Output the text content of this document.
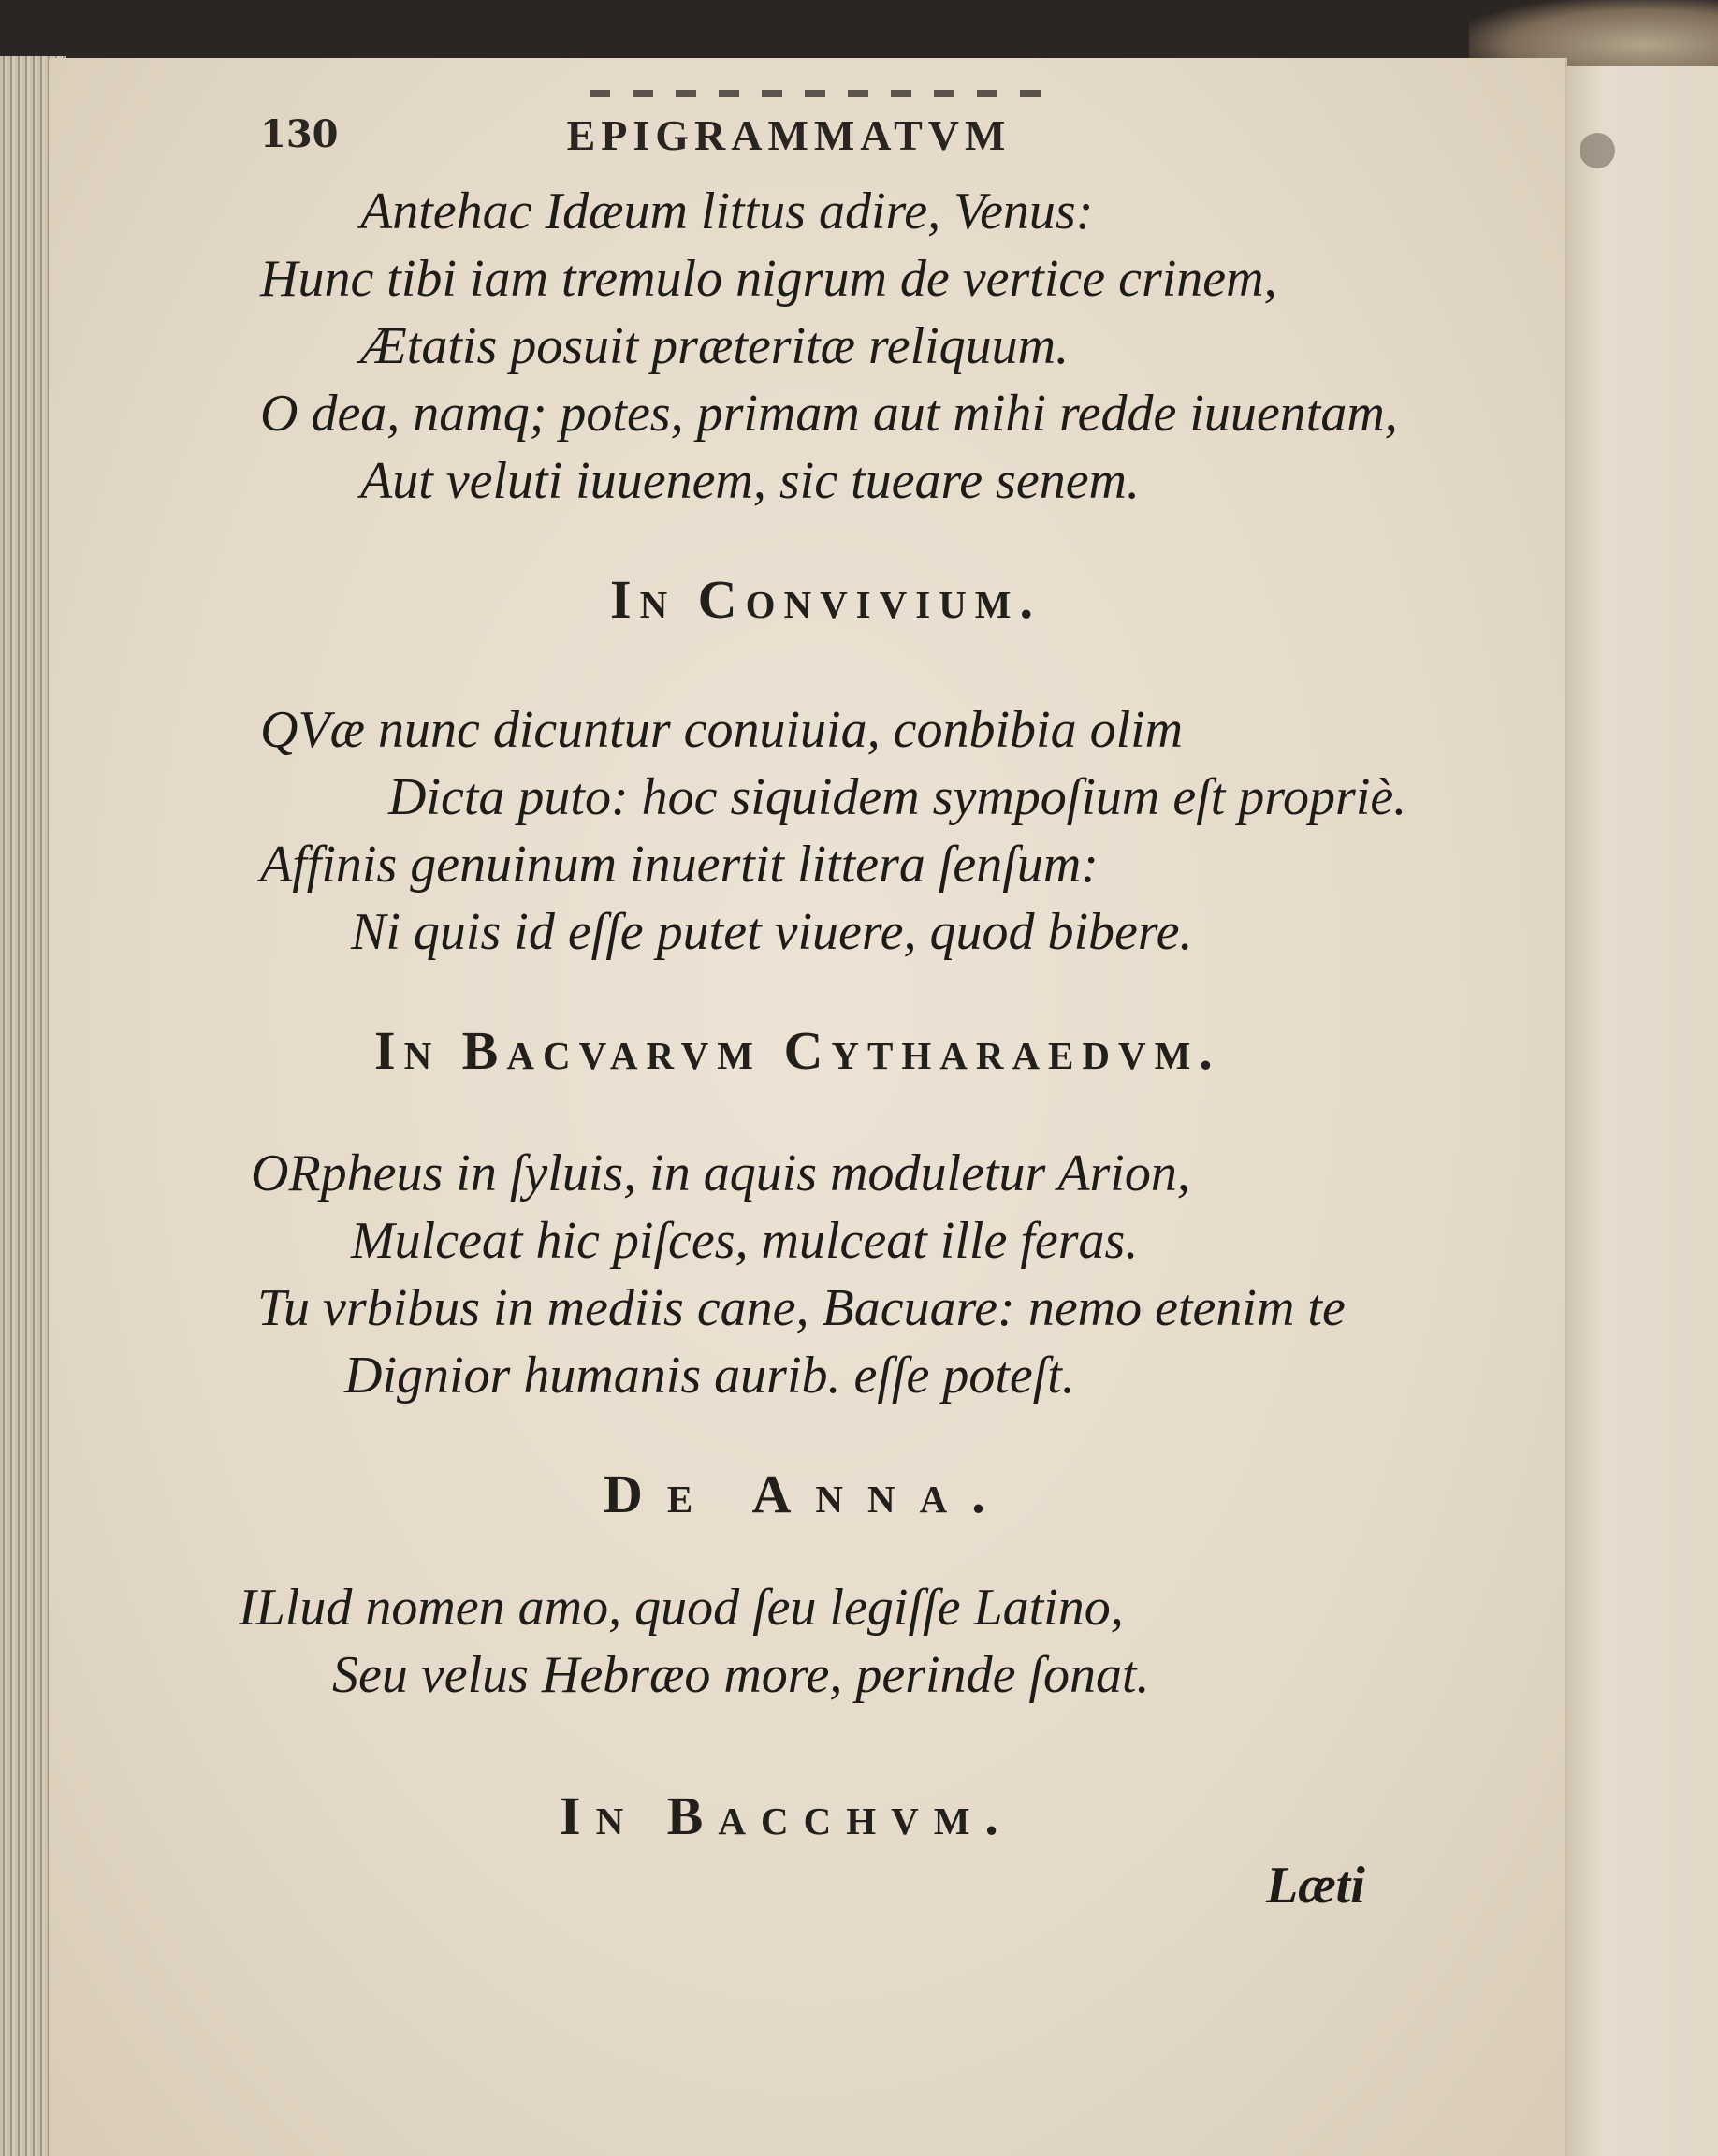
130	EPIGRAMMATVM

Antehac Idæum littus adire, Venus:

Hunc tibi iam tremulo nigrum de vertice crinem,

Ætatis posuit præteritæ reliquum.

O dea, namq; potes, primam aut mihi redde iuuentam,

Aut veluti iuuenem, sic tueare senem.

In Convivium.

QVæ nunc dicuntur conuiuia, conbibia olim

Dicta puto: hoc siquidem sympoſium eſt propriè.

Affinis genuinum inuertit littera ſenſum:

Ni quis id eſſe putet viuere, quod bibere.

In Bacvarvm Cytharaedvm.

ORpheus in ſyluis, in aquis moduletur Arion,

Mulceat hic piſces, mulceat ille feras.

Tu vrbibus in mediis cane, Bacuare: nemo etenim te

Dignior humanis aurib. eſſe poteſt.

De Anna.

ILlud nomen amo, quod ſeu legiſſe Latino,

Seu velus Hebræo more, perinde ſonat.

In Bacchvm.

Læti
